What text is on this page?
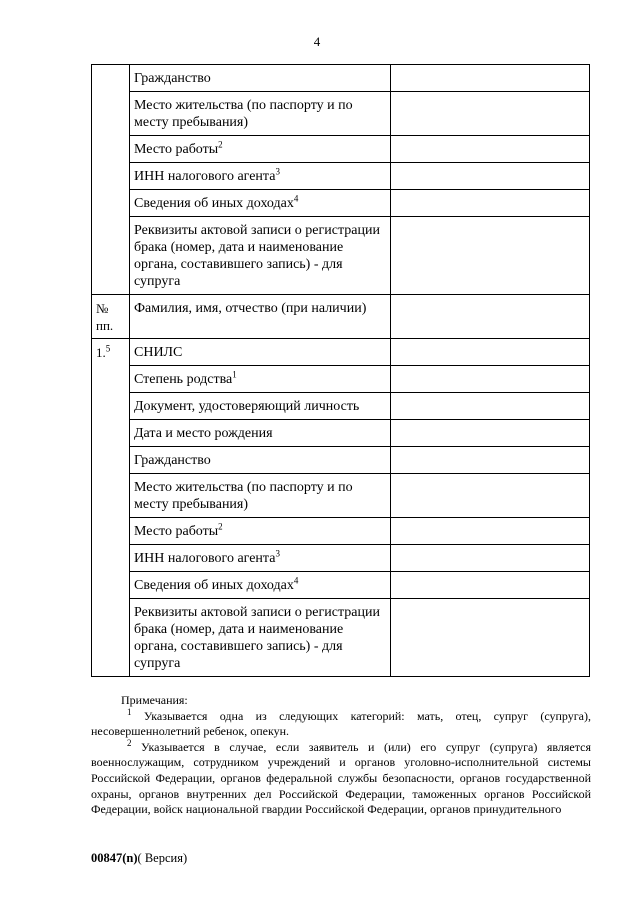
4
	Гражданство	
	Место жительства (по паспорту и по месту пребывания)	
	Место работы$^2$	
	ИНН налогового агента$^3$	
	Сведения об иных доходах$^4$	
	Реквизиты актовой записи о регистрации брака (номер, дата и наименование органа, составившего запись) - для супруга	
№ пп.	Фамилия, имя, отчество (при наличии)	
1.$^5$	СНИЛС	
	Степень родства$^1$	
	Документ, удостоверяющий личность	
	Дата и место рождения	
	Гражданство	
	Место жительства (по паспорту и по месту пребывания)	
	Место работы$^2$	
	ИНН налогового агента$^3$	
	Сведения об иных доходах$^4$	
	Реквизиты актовой записи о регистрации брака (номер, дата и наименование органа, составившего запись) - для супруга	

Примечания:

$^1$ Указывается одна из следующих категорий: мать, отец, супруг (супруга), несовершеннолетний ребенок, опекун.

$^2$ Указывается в случае, если заявитель и (или) его супруг (супруга) является военнослужащим, сотрудником учреждений и органов уголовно-исполнительной системы Российской Федерации, органов федеральной службы безопасности, органов государственной охраны, органов внутренних дел Российской Федерации, таможенных органов Российской Федерации, войск национальной гвардии Российской Федерации, органов принудительного

00847(n)( Версия)
